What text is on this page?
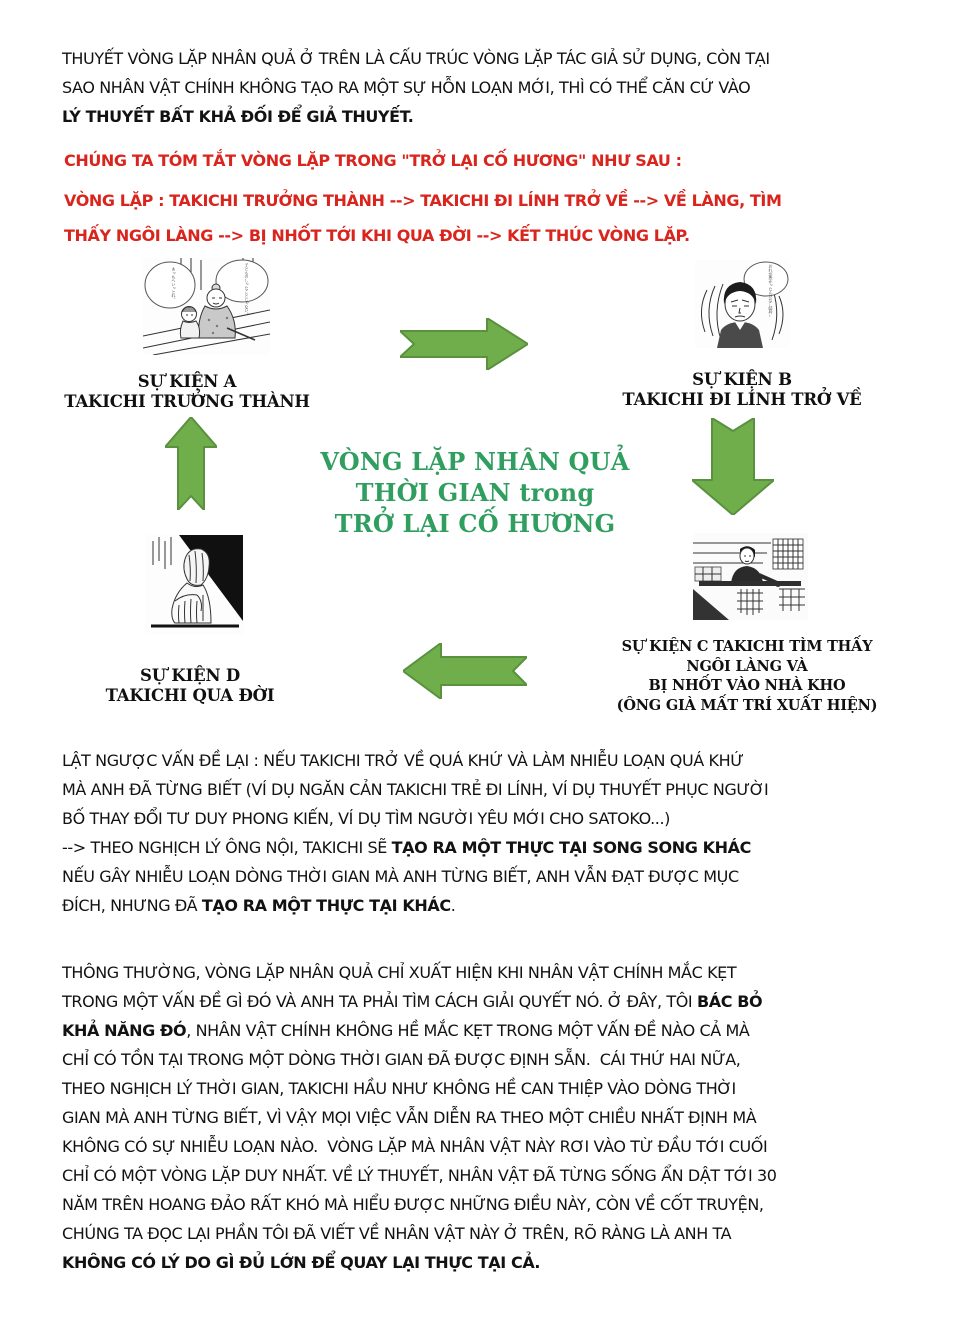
THUYẾT VÒNG LẶP NHÂN QUẢ Ở TRÊN LÀ CẤU TRÚC VÒNG LẶP TÁC GIẢ SỬ DỤNG, CÒN TẠI
SAO NHÂN VẬT CHÍNH KHÔNG TẠO RA MỘT SỰ HỖN LOẠN MỚI, THÌ CÓ THỂ CĂN CỨ VÀO
LÝ THUYẾT BẤT KHẢ ĐỐI ĐỂ GIẢ THUYẾT.
CHÚNG TA TÓM TẮT VÒNG LẶP TRONG "TRỞ LẠI CỐ HƯƠNG" NHƯ SAU :
VÒNG LẶP : TAKICHI TRƯỞNG THÀNH --> TAKICHI ĐI LÍNH TRỞ VỀ --> VỀ LÀNG, TÌM
THẤY NGÔI LÀNG --> BỊ NHỐT TỚI KHI QUA ĐỜI --> KẾT THÚC VÒNG LẶP.
あっちへいっとれ。	子どものしったことじゃない。	おれが悪かったんだな…結局…
SỰ KIỆN A
TAKICHI TRƯỞNG THÀNH
SỰ KIỆN B
TAKICHI ĐI LÍNH TRỞ VỀ
VÒNG LẶP NHÂN QUẢ
THỜI GIAN trong
TRỞ LẠI CỐ HƯƠNG
SỰ KIỆN C TAKICHI TÌM THẤY
NGÔI LÀNG VÀ
BỊ NHỐT VÀO NHÀ KHO
(ÔNG GIÀ MẤT TRÍ XUẤT HIỆN)
SỰ KIỆN D
TAKICHI QUA ĐỜI
LẬT NGƯỢC VẤN ĐỀ LẠI : NẾU TAKICHI TRỞ VỀ QUÁ KHỨ VÀ LÀM NHIỄU LOẠN QUÁ KHỨ
MÀ ANH ĐÃ TỪNG BIẾT (VÍ DỤ NGĂN CẢN TAKICHI TRẺ ĐI LÍNH, VÍ DỤ THUYẾT PHỤC NGƯỜI
BỐ THAY ĐỔI TƯ DUY PHONG KIẾN, VÍ DỤ TÌM NGƯỜI YÊU MỚI CHO SATOKO...)
--> THEO NGHỊCH LÝ ÔNG NỘI, TAKICHI SẼ TẠO RA MỘT THỰC TẠI SONG SONG KHÁC
NẾU GÂY NHIỄU LOẠN DÒNG THỜI GIAN MÀ ANH TỪNG BIẾT, ANH VẪN ĐẠT ĐƯỢC MỤC
ĐÍCH, NHƯNG ĐÃ TẠO RA MỘT THỰC TẠI KHÁC.
THÔNG THƯỜNG, VÒNG LẶP NHÂN QUẢ CHỈ XUẤT HIỆN KHI NHÂN VẬT CHÍNH MẮC KẸT
TRONG MỘT VẤN ĐỀ GÌ ĐÓ VÀ ANH TA PHẢI TÌM CÁCH GIẢI QUYẾT NÓ. Ở ĐÂY, TÔI BÁC BỎ
KHẢ NĂNG ĐÓ, NHÂN VẬT CHÍNH KHÔNG HỀ MẮC KẸT TRONG MỘT VẤN ĐỀ NÀO CẢ MÀ
CHỈ CÓ TỒN TẠI TRONG MỘT DÒNG THỜI GIAN ĐÃ ĐƯỢC ĐỊNH SẴN.  CÁI THỨ HAI NỮA,
THEO NGHỊCH LÝ THỜI GIAN, TAKICHI HẦU NHƯ KHÔNG HỀ CAN THIỆP VÀO DÒNG THỜI
GIAN MÀ ANH TỪNG BIẾT, VÌ VẬY MỌI VIỆC VẪN DIỄN RA THEO MỘT CHIỀU NHẤT ĐỊNH MÀ
KHÔNG CÓ SỰ NHIỄU LOẠN NÀO.  VÒNG LẶP MÀ NHÂN VẬT NÀY RƠI VÀO TỪ ĐẦU TỚI CUỐI
CHỈ CÓ MỘT VÒNG LẶP DUY NHẤT. VỀ LÝ THUYẾT, NHÂN VẬT ĐÃ TỪNG SỐNG ẨN DẬT TỚI 30
NĂM TRÊN HOANG ĐẢO RẤT KHÓ MÀ HIỂU ĐƯỢC NHỮNG ĐIỀU NÀY, CÒN VỀ CỐT TRUYỆN,
CHÚNG TA ĐỌC LẠI PHẦN TÔI ĐÃ VIẾT VỀ NHÂN VẬT NÀY Ở TRÊN, RÕ RÀNG LÀ ANH TA
KHÔNG CÓ LÝ DO GÌ ĐỦ LỚN ĐỂ QUAY LẠI THỰC TẠI CẢ.
